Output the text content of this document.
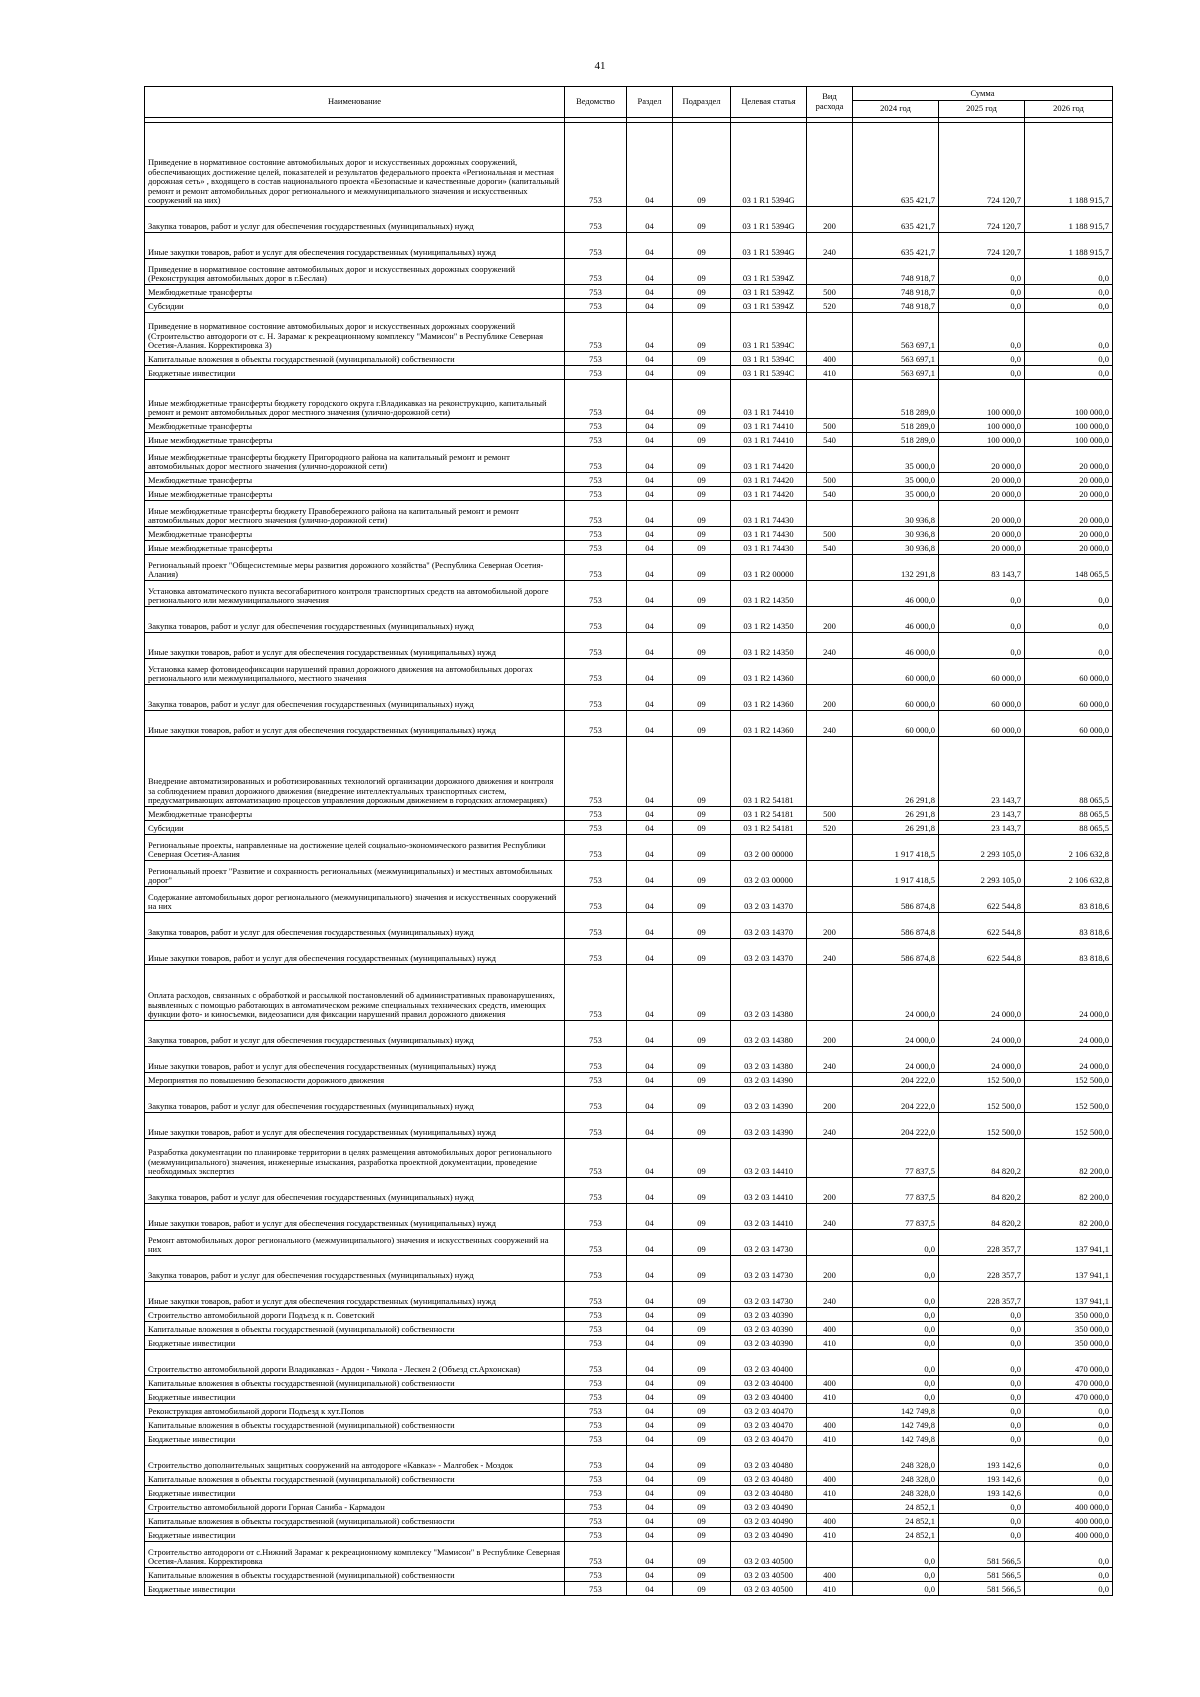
41
Наименование	Ведомство	Раздел	Подраздел	Целевая статья	Вид расхода	Сумма		
						2024 год	2025 год	2026 год

Приведение в нормативное состояние автомобильных дорог и искусственных дорожных сооружений, обеспечивающих достижение целей, показателей и результатов федерального проекта «Региональная и местная дорожная сеть» , входящего в состав национального проекта «Безопасные и качественные дороги» (капитальный ремонт и ремонт автомобильных дорог регионального и межмуниципального значения и искусственных сооружений на них)	753	04	09	03 1 R1 5394G		635 421,7	724 120,7	1 188 915,7
Закупка товаров, работ и услуг для обеспечения государственных (муниципальных) нужд	753	04	09	03 1 R1 5394G	200	635 421,7	724 120,7	1 188 915,7
Иные закупки товаров, работ и услуг для обеспечения государственных (муниципальных) нужд	753	04	09	03 1 R1 5394G	240	635 421,7	724 120,7	1 188 915,7
Приведение в нормативное состояние автомобильных дорог и искусственных дорожных сооружений (Реконструкция автомобильных дорог в г.Беслан)	753	04	09	03 1 R1 5394Z		748 918,7	0,0	0,0
Межбюджетные трансферты	753	04	09	03 1 R1 5394Z	500	748 918,7	0,0	0,0
Субсидии	753	04	09	03 1 R1 5394Z	520	748 918,7	0,0	0,0
Приведение в нормативное состояние автомобильных дорог и искусственных дорожных сооружений (Строительство автодороги от с. Н. Зарамаг к рекреационному комплексу "Мамисон" в Республике Северная Осетия-Алания. Корректировка 3)	753	04	09	03 1 R1 5394C		563 697,1	0,0	0,0
Капитальные вложения в объекты государственной (муниципальной) собственности	753	04	09	03 1 R1 5394C	400	563 697,1	0,0	0,0
Бюджетные инвестиции	753	04	09	03 1 R1 5394C	410	563 697,1	0,0	0,0
Иные межбюджетные трансферты бюджету городского округа г.Владикавказ на реконструкцию, капитальный ремонт и ремонт автомобильных дорог местного значения (улично-дорожной сети)	753	04	09	03 1 R1 74410		518 289,0	100 000,0	100 000,0
Межбюджетные трансферты	753	04	09	03 1 R1 74410	500	518 289,0	100 000,0	100 000,0
Иные межбюджетные трансферты	753	04	09	03 1 R1 74410	540	518 289,0	100 000,0	100 000,0
Иные межбюджетные трансферты бюджету Пригородного района на капитальный ремонт и ремонт автомобильных дорог местного значения (улично-дорожной сети)	753	04	09	03 1 R1 74420		35 000,0	20 000,0	20 000,0
Межбюджетные трансферты	753	04	09	03 1 R1 74420	500	35 000,0	20 000,0	20 000,0
Иные межбюджетные трансферты	753	04	09	03 1 R1 74420	540	35 000,0	20 000,0	20 000,0
Иные межбюджетные трансферты бюджету Правобережного района на капитальный ремонт и ремонт автомобильных дорог местного значения (улично-дорожной сети)	753	04	09	03 1 R1 74430		30 936,8	20 000,0	20 000,0
Межбюджетные трансферты	753	04	09	03 1 R1 74430	500	30 936,8	20 000,0	20 000,0
Иные межбюджетные трансферты	753	04	09	03 1 R1 74430	540	30 936,8	20 000,0	20 000,0
Региональный проект "Общесистемные меры развития дорожного хозяйства" (Республика Северная Осетия-Алания)	753	04	09	03 1 R2 00000		132 291,8	83 143,7	148 065,5
Установка автоматического пункта весогабаритного контроля транспортных средств на автомобильной дороге регионального или межмуниципального значения	753	04	09	03 1 R2 14350		46 000,0	0,0	0,0
Закупка товаров, работ и услуг для обеспечения государственных (муниципальных) нужд	753	04	09	03 1 R2 14350	200	46 000,0	0,0	0,0
Иные закупки товаров, работ и услуг для обеспечения государственных (муниципальных) нужд	753	04	09	03 1 R2 14350	240	46 000,0	0,0	0,0
Установка камер фотовидеофиксации нарушений правил дорожного движения на автомобильных дорогах регионального или межмуниципального, местного значения	753	04	09	03 1 R2 14360		60 000,0	60 000,0	60 000,0
Закупка товаров, работ и услуг для обеспечения государственных (муниципальных) нужд	753	04	09	03 1 R2 14360	200	60 000,0	60 000,0	60 000,0
Иные закупки товаров, работ и услуг для обеспечения государственных (муниципальных) нужд	753	04	09	03 1 R2 14360	240	60 000,0	60 000,0	60 000,0
Внедрение автоматизированных и роботизированных технологий организации дорожного движения и контроля за соблюдением правил дорожного движения (внедрение интеллектуальных транспортных систем, предусматривающих автоматизацию процессов управления дорожным движением в городских агломерациях)	753	04	09	03 1 R2 54181		26 291,8	23 143,7	88 065,5
Межбюджетные трансферты	753	04	09	03 1 R2 54181	500	26 291,8	23 143,7	88 065,5
Субсидии	753	04	09	03 1 R2 54181	520	26 291,8	23 143,7	88 065,5
Региональные проекты, направленные на достижение целей социально-экономического развития Республики Северная Осетия-Алания	753	04	09	03 2 00 00000		1 917 418,5	2 293 105,0	2 106 632,8
Региональный проект "Развитие и сохранность региональных (межмуниципальных) и местных автомобильных дорог"	753	04	09	03 2 03 00000		1 917 418,5	2 293 105,0	2 106 632,8
Содержание автомобильных дорог регионального (межмуниципального) значения и искусственных сооружений на них	753	04	09	03 2 03 14370		586 874,8	622 544,8	83 818,6
Закупка товаров, работ и услуг для обеспечения государственных (муниципальных) нужд	753	04	09	03 2 03 14370	200	586 874,8	622 544,8	83 818,6
Иные закупки товаров, работ и услуг для обеспечения государственных (муниципальных) нужд	753	04	09	03 2 03 14370	240	586 874,8	622 544,8	83 818,6
Оплата расходов, связанных с обработкой и рассылкой постановлений об административных правонарушениях, выявленных с помощью работающих в автоматическом режиме специальных технических средств, имеющих функции фото- и киносъемки, видеозаписи для фиксации нарушений правил дорожного движения	753	04	09	03 2 03 14380		24 000,0	24 000,0	24 000,0
Закупка товаров, работ и услуг для обеспечения государственных (муниципальных) нужд	753	04	09	03 2 03 14380	200	24 000,0	24 000,0	24 000,0
Иные закупки товаров, работ и услуг для обеспечения государственных (муниципальных) нужд	753	04	09	03 2 03 14380	240	24 000,0	24 000,0	24 000,0
Мероприятия по повышению безопасности дорожного движения	753	04	09	03 2 03 14390		204 222,0	152 500,0	152 500,0
Закупка товаров, работ и услуг для обеспечения государственных (муниципальных) нужд	753	04	09	03 2 03 14390	200	204 222,0	152 500,0	152 500,0
Иные закупки товаров, работ и услуг для обеспечения государственных (муниципальных) нужд	753	04	09	03 2 03 14390	240	204 222,0	152 500,0	152 500,0
Разработка документации по планировке территории в целях размещения автомобильных дорог регионального (межмуниципального) значения, инженерные изыскания, разработка проектной документации, проведение необходимых экспертиз	753	04	09	03 2 03 14410		77 837,5	84 820,2	82 200,0
Закупка товаров, работ и услуг для обеспечения государственных (муниципальных) нужд	753	04	09	03 2 03 14410	200	77 837,5	84 820,2	82 200,0
Иные закупки товаров, работ и услуг для обеспечения государственных (муниципальных) нужд	753	04	09	03 2 03 14410	240	77 837,5	84 820,2	82 200,0
Ремонт автомобильных дорог регионального (межмуниципального) значения и искусственных сооружений на них	753	04	09	03 2 03 14730		0,0	228 357,7	137 941,1
Закупка товаров, работ и услуг для обеспечения государственных (муниципальных) нужд	753	04	09	03 2 03 14730	200	0,0	228 357,7	137 941,1
Иные закупки товаров, работ и услуг для обеспечения государственных (муниципальных) нужд	753	04	09	03 2 03 14730	240	0,0	228 357,7	137 941,1
Строительство автомобильной дороги Подъезд к п. Советский	753	04	09	03 2 03 40390		0,0	0,0	350 000,0
Капитальные вложения в объекты государственной (муниципальной) собственности	753	04	09	03 2 03 40390	400	0,0	0,0	350 000,0
Бюджетные инвестиции	753	04	09	03 2 03 40390	410	0,0	0,0	350 000,0
Строительство автомобильной дороги Владикавказ - Ардон - Чикола - Лескен 2 (Объезд ст.Архонская)	753	04	09	03 2 03 40400		0,0	0,0	470 000,0
Капитальные вложения в объекты государственной (муниципальной) собственности	753	04	09	03 2 03 40400	400	0,0	0,0	470 000,0
Бюджетные инвестиции	753	04	09	03 2 03 40400	410	0,0	0,0	470 000,0
Реконструкция автомобильной дороги Подъезд к хут.Попов	753	04	09	03 2 03 40470		142 749,8	0,0	0,0
Капитальные вложения в объекты государственной (муниципальной) собственности	753	04	09	03 2 03 40470	400	142 749,8	0,0	0,0
Бюджетные инвестиции	753	04	09	03 2 03 40470	410	142 749,8	0,0	0,0
Строительство дополнительных защитных сооружений на автодороге «Кавказ» - Малгобек - Моздок	753	04	09	03 2 03 40480		248 328,0	193 142,6	0,0
Капитальные вложения в объекты государственной (муниципальной) собственности	753	04	09	03 2 03 40480	400	248 328,0	193 142,6	0,0
Бюджетные инвестиции	753	04	09	03 2 03 40480	410	248 328,0	193 142,6	0,0
Строительство автомобильной дороги Горная Саниба - Кармадон	753	04	09	03 2 03 40490		24 852,1	0,0	400 000,0
Капитальные вложения в объекты государственной (муниципальной) собственности	753	04	09	03 2 03 40490	400	24 852,1	0,0	400 000,0
Бюджетные инвестиции	753	04	09	03 2 03 40490	410	24 852,1	0,0	400 000,0
Строительство автодороги от с.Нижний Зарамаг к рекреационному комплексу "Мамисон" в Республике Северная Осетия-Алания. Корректировка	753	04	09	03 2 03 40500		0,0	581 566,5	0,0
Капитальные вложения в объекты государственной (муниципальной) собственности	753	04	09	03 2 03 40500	400	0,0	581 566,5	0,0
Бюджетные инвестиции	753	04	09	03 2 03 40500	410	0,0	581 566,5	0,0
